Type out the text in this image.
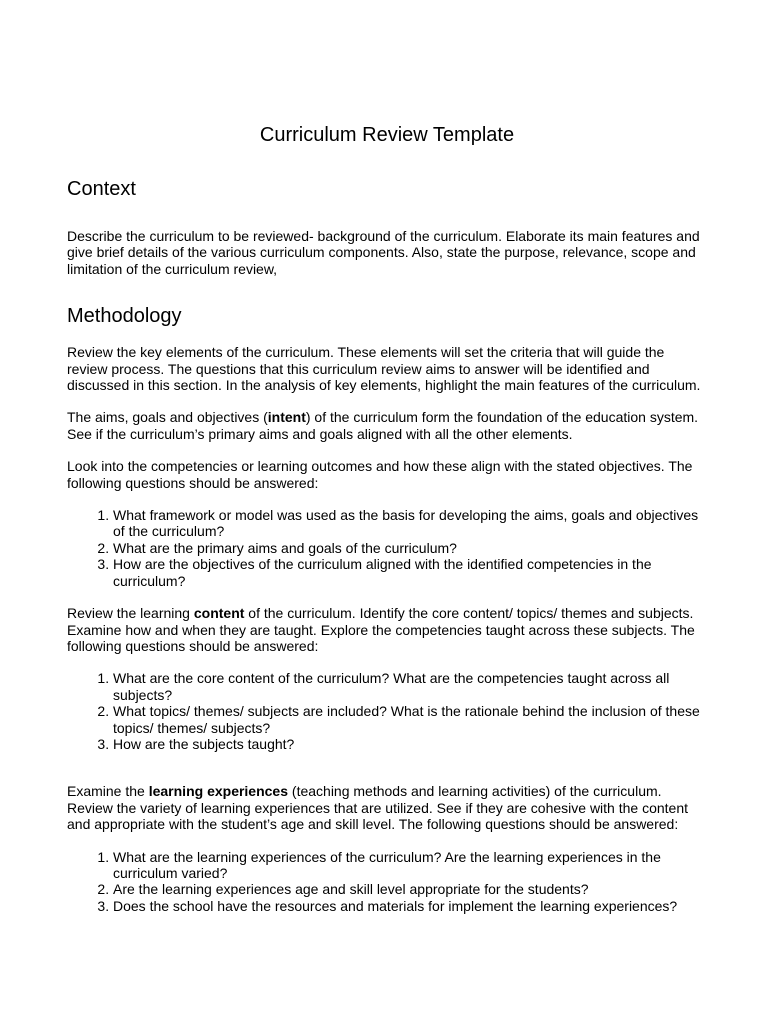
Curriculum Review Template
Context

Describe the curriculum to be reviewed- background of the curriculum. Elaborate its main features and give brief details of the various curriculum components. Also, state the purpose, relevance, scope and limitation of the curriculum review,

Methodology

Review the key elements of the curriculum. These elements will set the criteria that will guide the review process. The questions that this curriculum review aims to answer will be identified and discussed in this section. In the analysis of key elements, highlight the main features of the curriculum.

The aims, goals and objectives (intent) of the curriculum form the foundation of the education system. See if the curriculum’s primary aims and goals aligned with all the other elements.

Look into the competencies or learning outcomes and how these align with the stated objectives. The following questions should be answered:

1. What framework or model was used as the basis for developing the aims, goals and objectives of the curriculum?
2. What are the primary aims and goals of the curriculum?
3. How are the objectives of the curriculum aligned with the identified competencies in the curriculum?

Review the learning content of the curriculum. Identify the core content/ topics/ themes and subjects. Examine how and when they are taught. Explore the competencies taught across these subjects. The following questions should be answered:

1. What are the core content of the curriculum? What are the competencies taught across all subjects?
2. What topics/ themes/ subjects are included? What is the rationale behind the inclusion of these topics/ themes/ subjects?
3. How are the subjects taught?

Examine the learning experiences (teaching methods and learning activities) of the curriculum. Review the variety of learning experiences that are utilized. See if they are cohesive with the content and appropriate with the student’s age and skill level. The following questions should be answered:

1. What are the learning experiences of the curriculum? Are the learning experiences in the curriculum varied?
2. Are the learning experiences age and skill level appropriate for the students?
3. Does the school have the resources and materials for implement the learning experiences?
